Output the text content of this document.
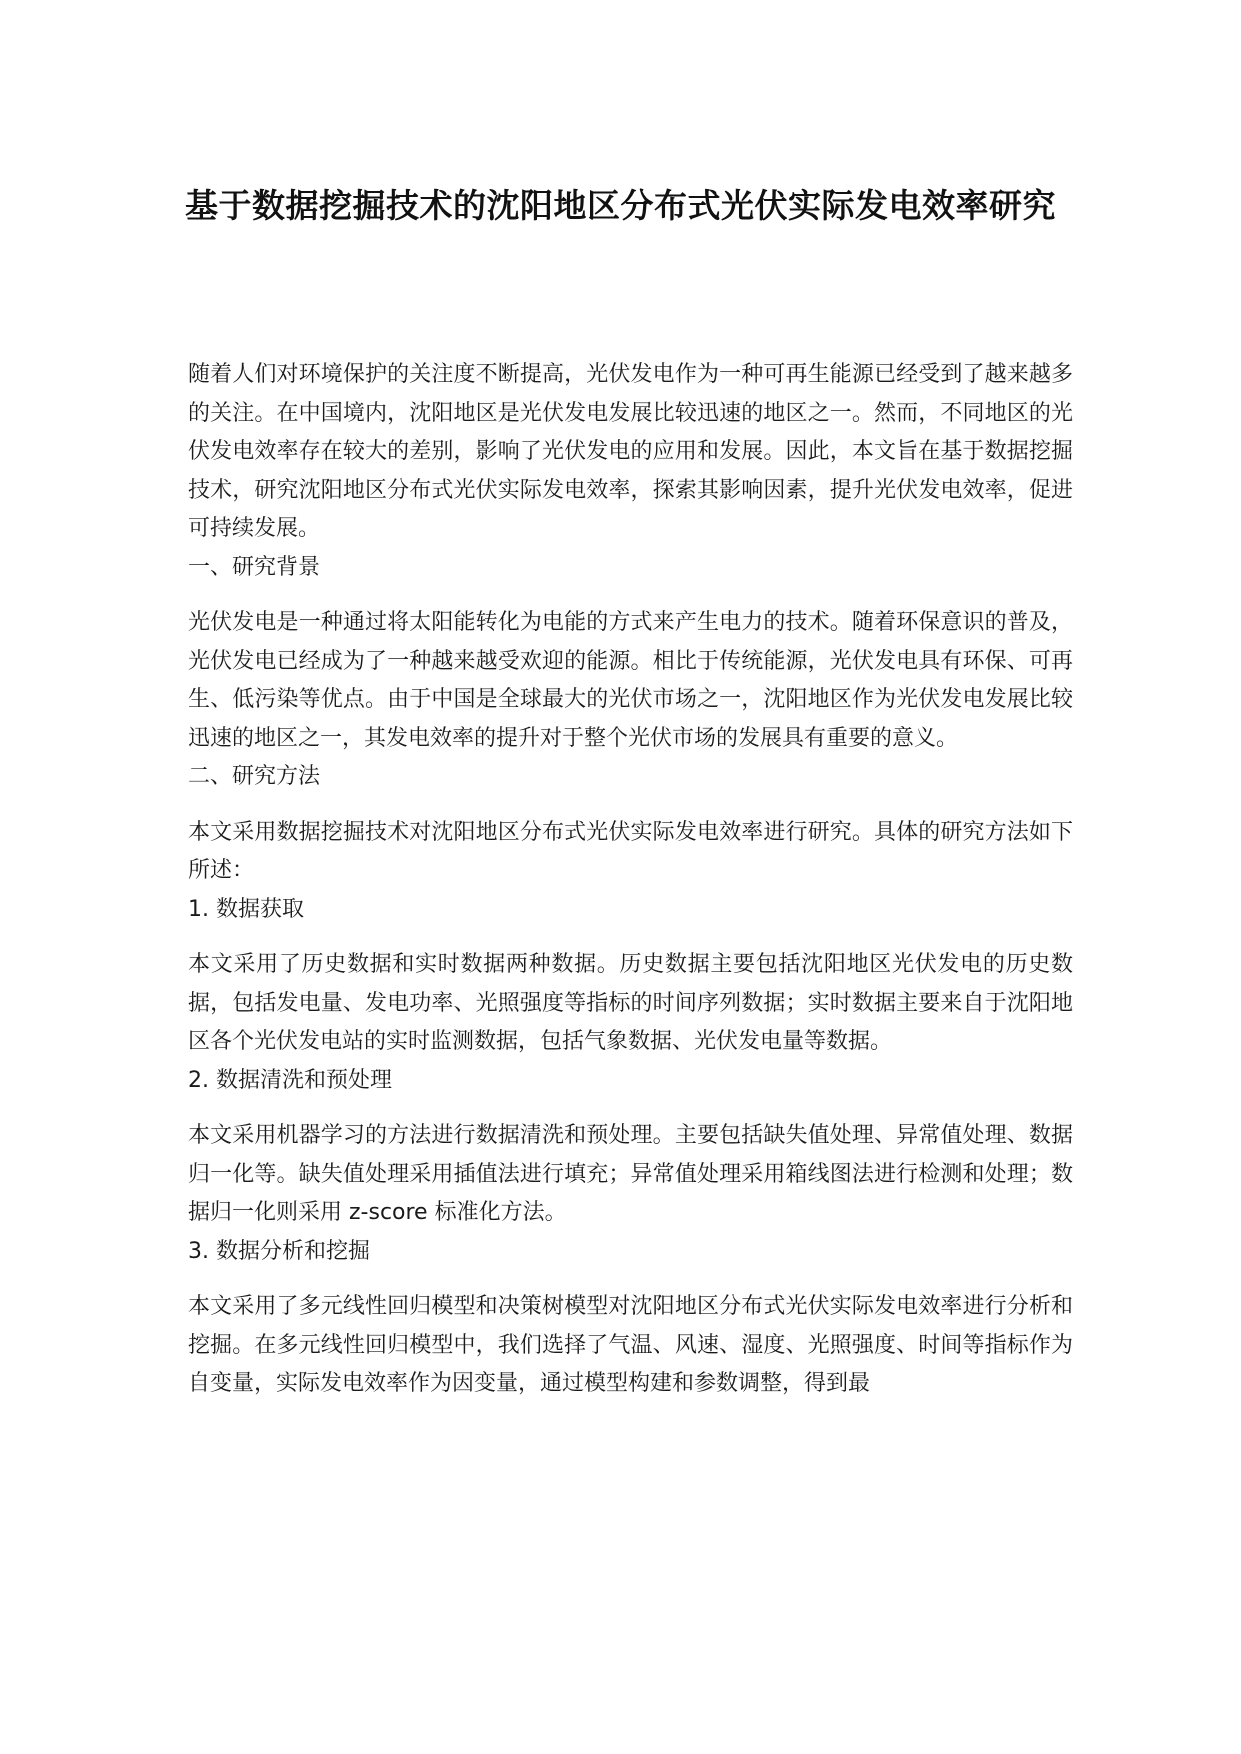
基于数据挖掘技术的沈阳地区分布式光伏实际发电效率研究

随着人们对环境保护的关注度不断提高，光伏发电作为一种可再生能源已经受到了越来越多的关注。在中国境内，沈阳地区是光伏发电发展比较迅速的地区之一。然而，不同地区的光伏发电效率存在较大的差别，影响了光伏发电的应用和发展。因此，本文旨在基于数据挖掘技术，研究沈阳地区分布式光伏实际发电效率，探索其影响因素，提升光伏发电效率，促进可持续发展。

一、研究背景

光伏发电是一种通过将太阳能转化为电能的方式来产生电力的技术。随着环保意识的普及，光伏发电已经成为了一种越来越受欢迎的能源。相比于传统能源，光伏发电具有环保、可再生、低污染等优点。由于中国是全球最大的光伏市场之一，沈阳地区作为光伏发电发展比较迅速的地区之一，其发电效率的提升对于整个光伏市场的发展具有重要的意义。

二、研究方法

本文采用数据挖掘技术对沈阳地区分布式光伏实际发电效率进行研究。具体的研究方法如下所述：

1. 数据获取

本文采用了历史数据和实时数据两种数据。历史数据主要包括沈阳地区光伏发电的历史数据，包括发电量、发电功率、光照强度等指标的时间序列数据；实时数据主要来自于沈阳地区各个光伏发电站的实时监测数据，包括气象数据、光伏发电量等数据。

2. 数据清洗和预处理

本文采用机器学习的方法进行数据清洗和预处理。主要包括缺失值处理、异常值处理、数据归一化等。缺失值处理采用插值法进行填充；异常值处理采用箱线图法进行检测和处理；数据归一化则采用 z-score 标准化方法。

3. 数据分析和挖掘

本文采用了多元线性回归模型和决策树模型对沈阳地区分布式光伏实际发电效率进行分析和挖掘。在多元线性回归模型中，我们选择了气温、风速、湿度、光照强度、时间等指标作为自变量，实际发电效率作为因变量，通过模型构建和参数调整，得到最
